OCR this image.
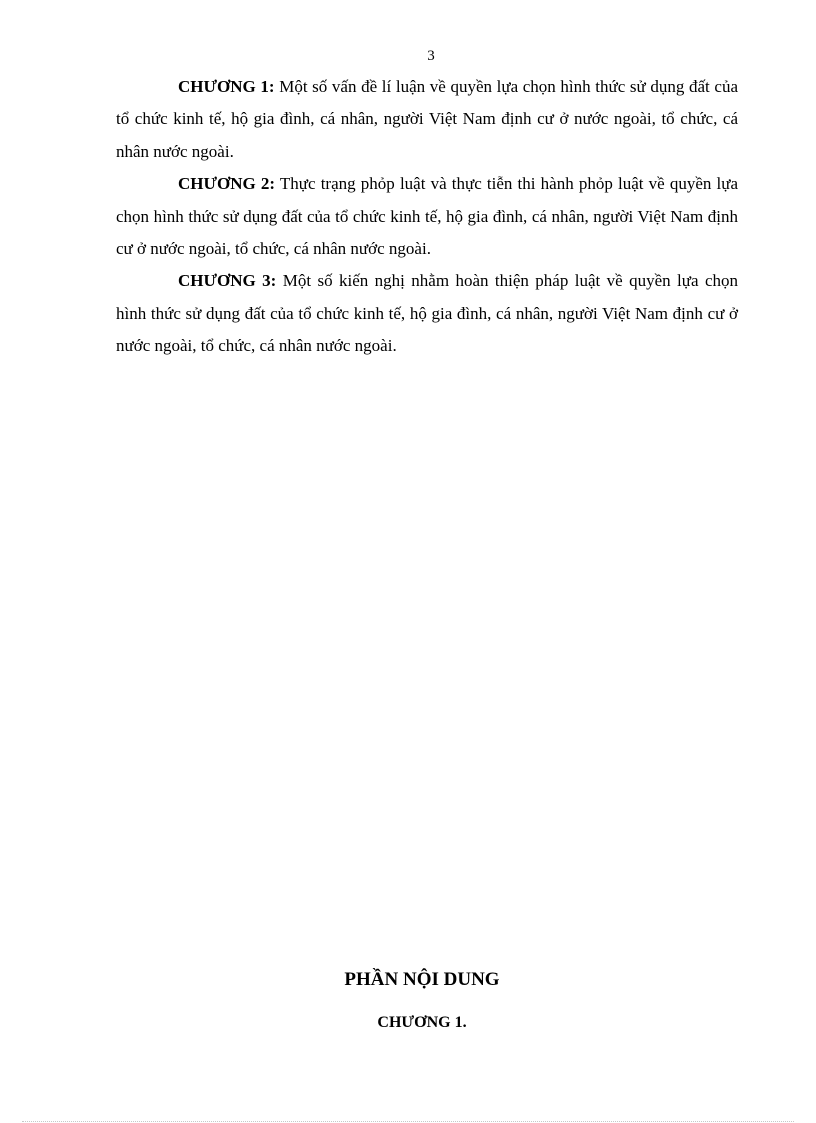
3

CHƯƠNG 1: Một số vấn đề lí luận về quyền lựa chọn hình thức sử dụng đất của tổ chức kinh tế, hộ gia đình, cá nhân, người Việt Nam định cư ở nước ngoài, tổ chức, cá nhân nước ngoài.

CHƯƠNG 2: Thực trạng phỏp luật và thực tiễn thi hành phỏp luật về quyền lựa chọn hình thức sử dụng đất của tổ chức kinh tế, hộ gia đình, cá nhân, người Việt Nam định cư ở nước ngoài, tổ chức, cá nhân nước ngoài.

CHƯƠNG 3: Một số kiến nghị nhằm hoàn thiện pháp luật về quyền lựa chọn hình thức sử dụng đất của tổ chức kinh tế, hộ gia đình, cá nhân, người Việt Nam định cư ở nước ngoài, tổ chức, cá nhân nước ngoài.

PHẦN NỘI DUNG
CHƯƠNG 1.
